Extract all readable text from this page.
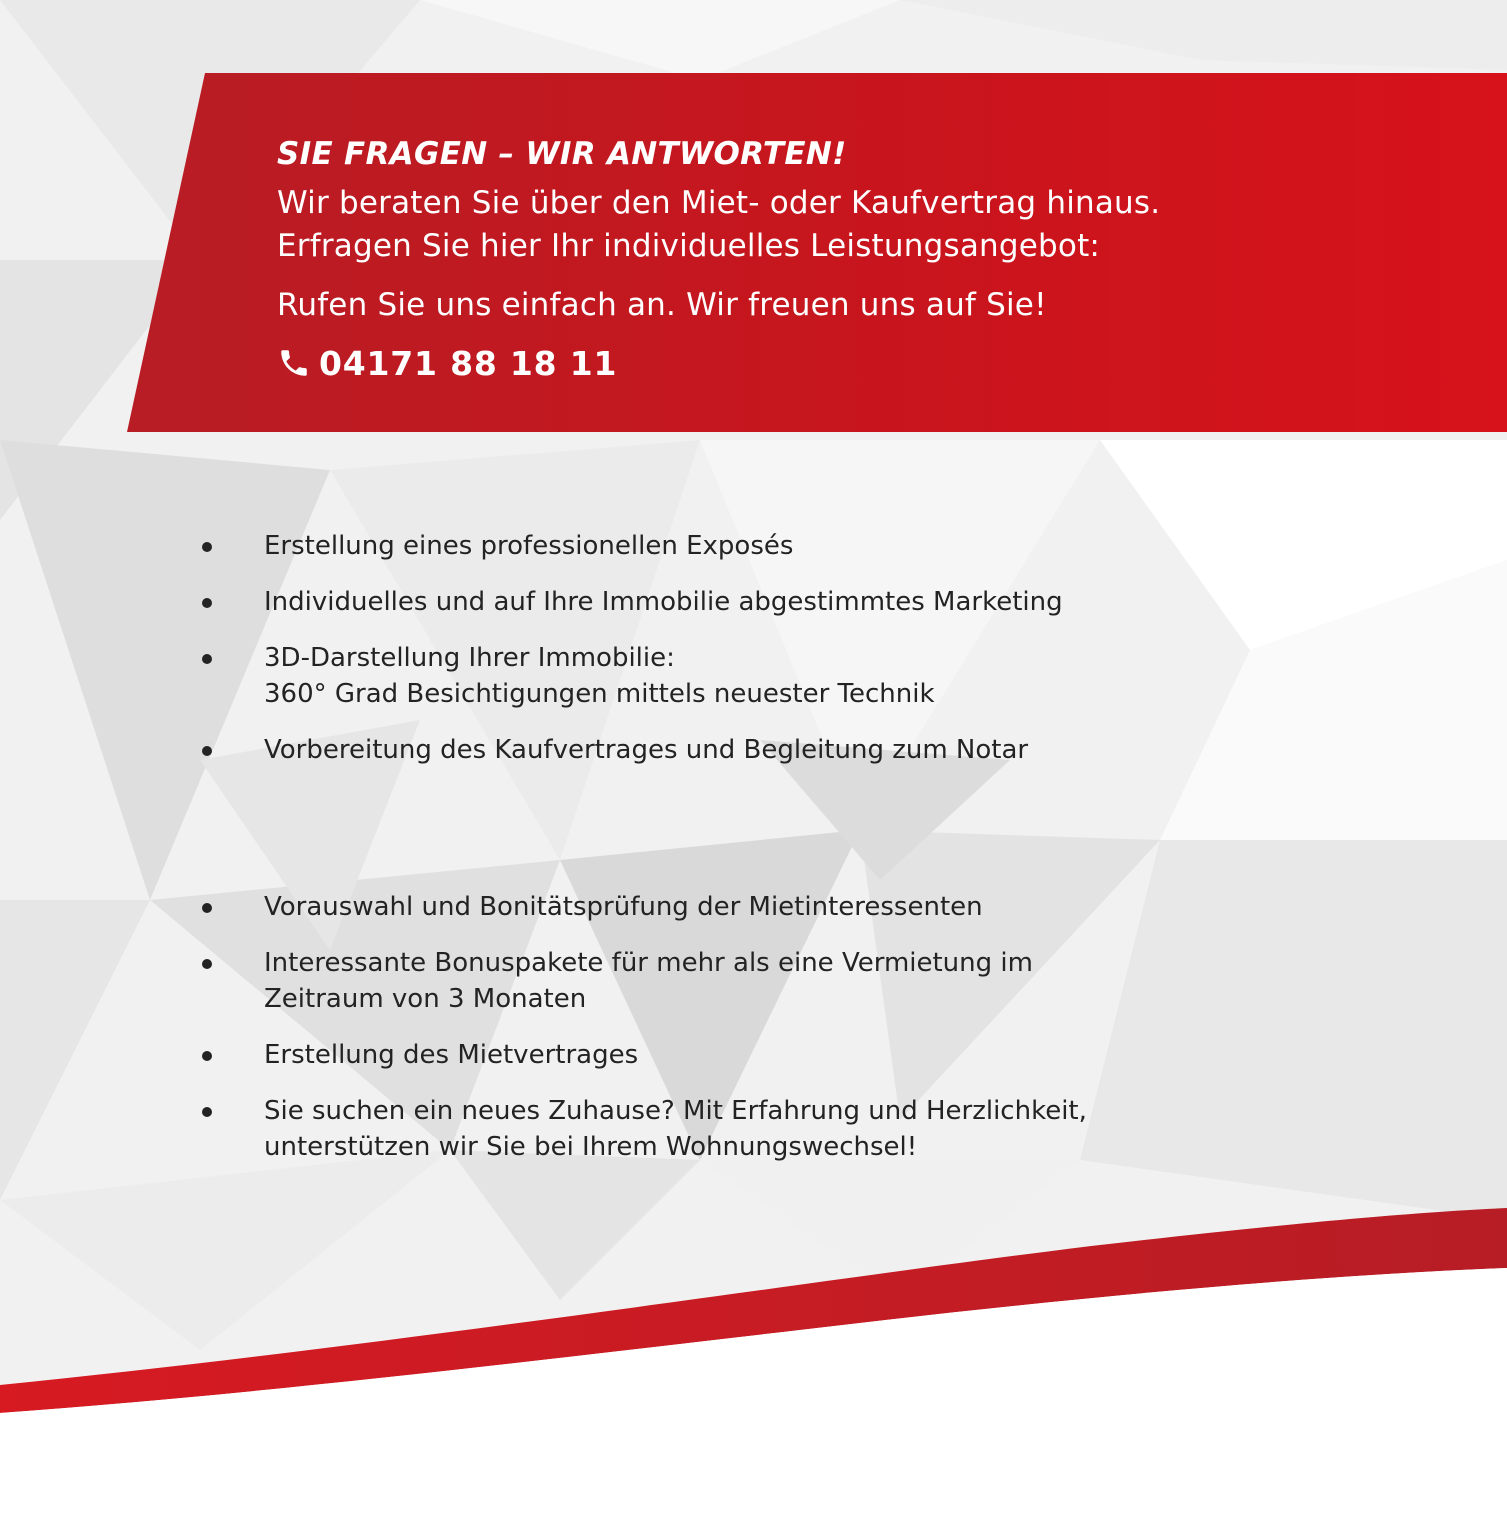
SIE FRAGEN – WIR ANTWORTEN!

Wir beraten Sie über den Miet- oder Kaufvertrag hinaus.
Erfragen Sie hier Ihr individuelles Leistungsangebot:

Rufen Sie uns einfach an. Wir freuen uns auf Sie!

04171 88 18 11
Erstellung eines professionellen Exposés
Individuelles und auf Ihre Immobilie abgestimmtes Marketing
3D-Darstellung Ihrer Immobilie:
360° Grad Besichtigungen mittels neuester Technik
Vorbereitung des Kaufvertrages und Begleitung zum Notar
Vorauswahl und Bonitätsprüfung der Mietinteressenten
Interessante Bonuspakete für mehr als eine Vermietung im
Zeitraum von 3 Monaten
Erstellung des Mietvertrages
Sie suchen ein neues Zuhause? Mit Erfahrung und Herzlichkeit,
unterstützen wir Sie bei Ihrem Wohnungswechsel!
